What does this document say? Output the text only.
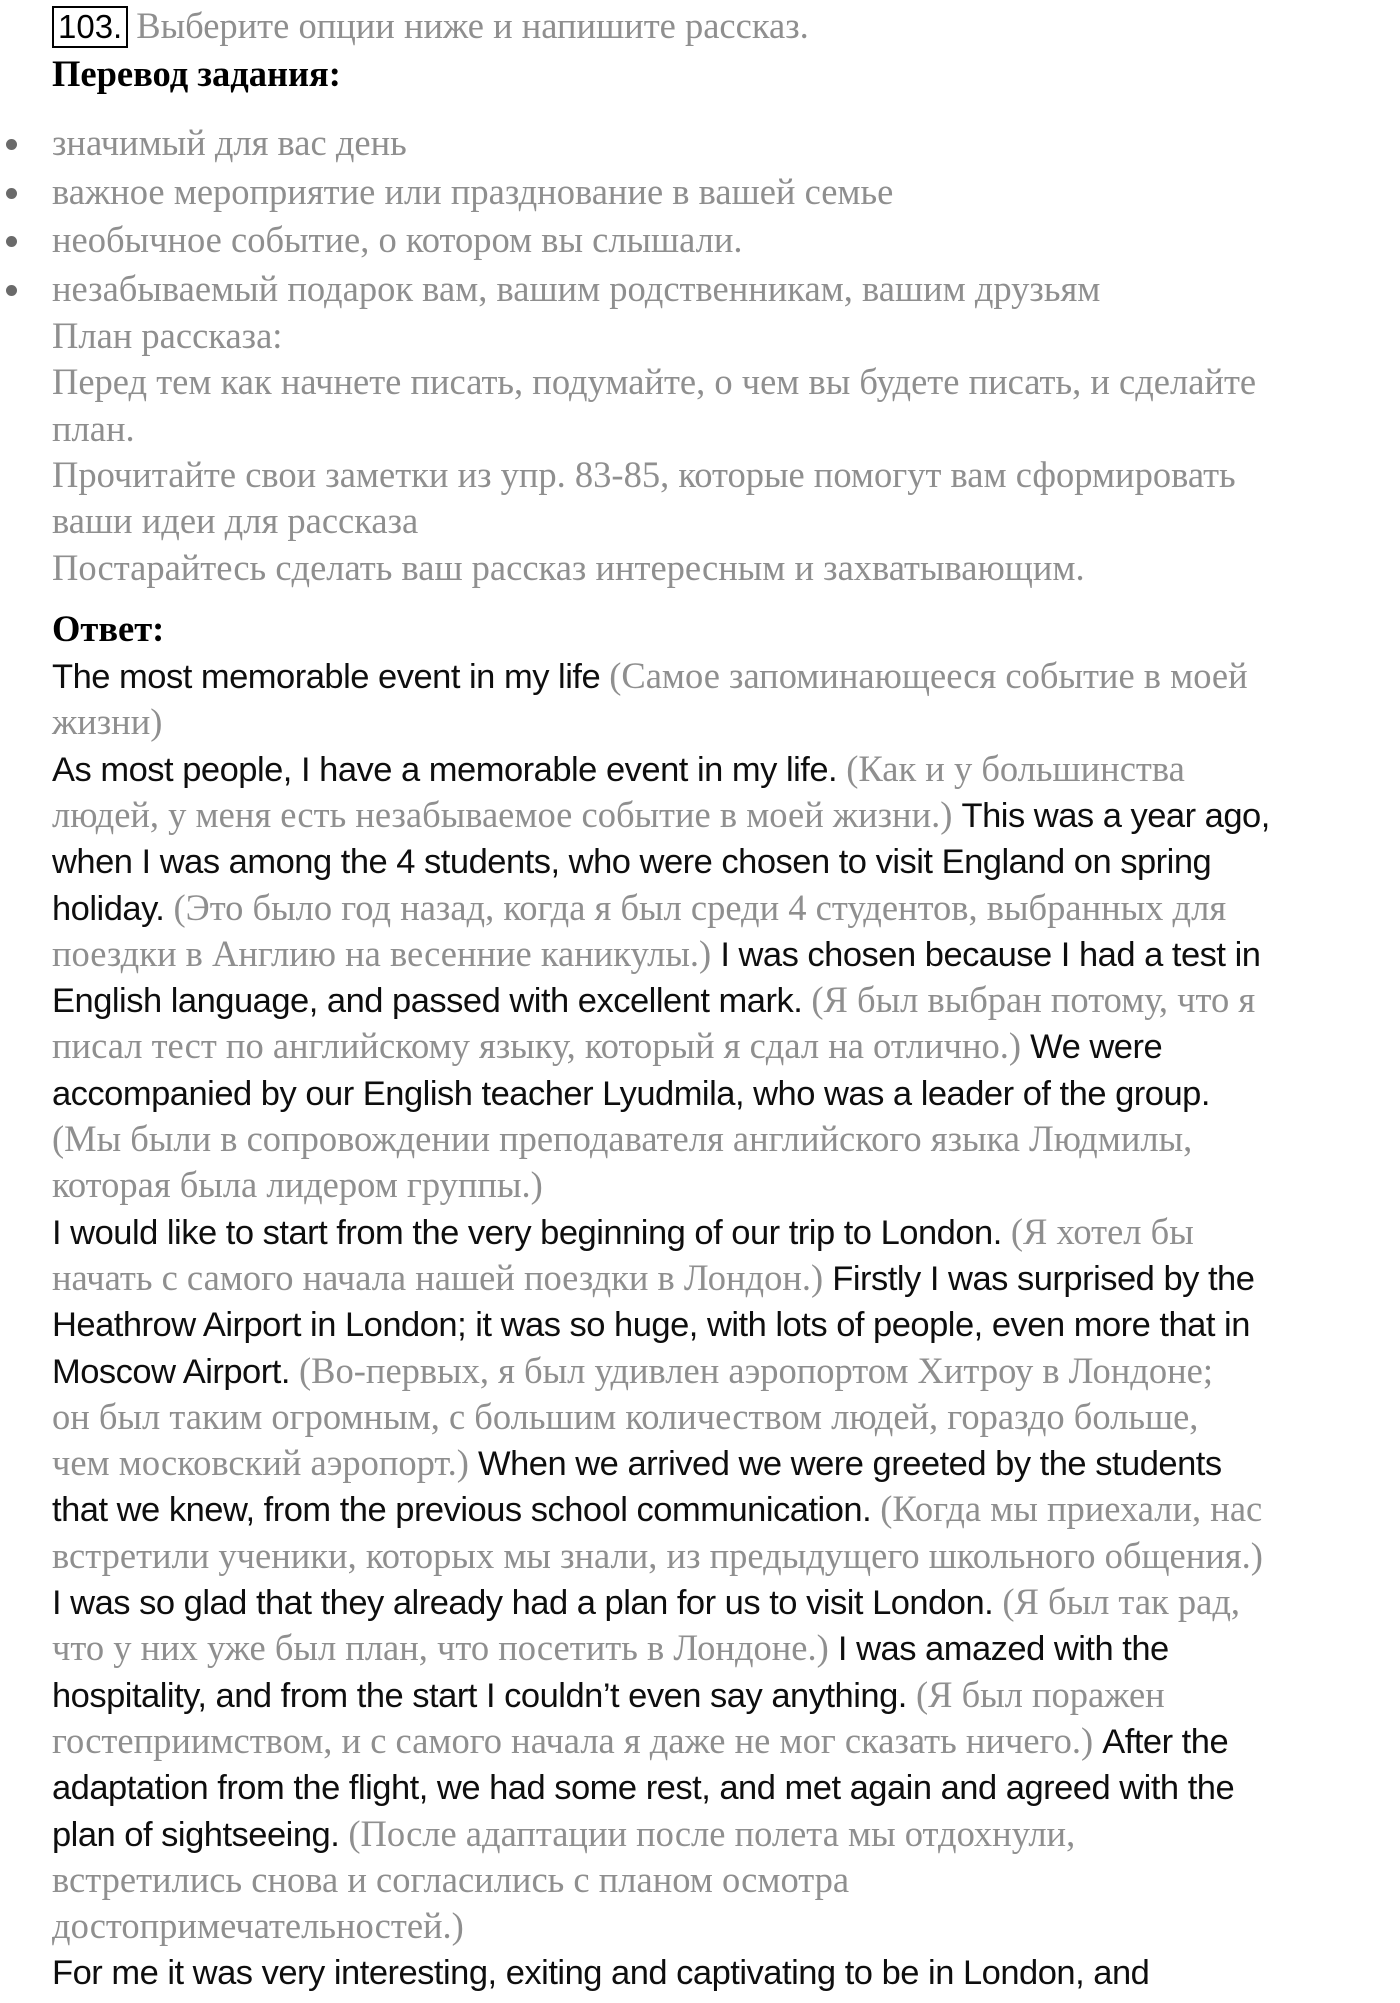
103. Выберите опции ниже и напишите рассказ.
Перевод задания:
значимый для вас день
важное мероприятие или празднование в вашей семье
необычное событие, о котором вы слышали.
незабываемый подарок вам, вашим родственникам, вашим друзьям
План рассказа:
Перед тем как начнете писать, подумайте, о чем вы будете писать, и сделайте
план.
Прочитайте свои заметки из упр. 83-85, которые помогут вам сформировать
ваши идеи для рассказа
Постарайтесь сделать ваш рассказ интересным и захватывающим.
Ответ:
The most memorable event in my life (Самое запоминающееся событие в моей
жизни)
As most people, I have a memorable event in my life. (Как и у большинства
людей, у меня есть незабываемое событие в моей жизни.) This was a year ago,
when I was among the 4 students, who were chosen to visit England on spring
holiday. (Это было год назад, когда я был среди 4 студентов, выбранных для
поездки в Англию на весенние каникулы.) I was chosen because I had a test in
English language, and passed with excellent mark. (Я был выбран потому, что я
писал тест по английскому языку, который я сдал на отлично.) We were
accompanied by our English teacher Lyudmila, who was a leader of the group.
(Мы были в сопровождении преподавателя английского языка Людмилы,
которая была лидером группы.)
I would like to start from the very beginning of our trip to London. (Я хотел бы
начать с самого начала нашей поездки в Лондон.) Firstly I was surprised by the
Heathrow Airport in London; it was so huge, with lots of people, even more that in
Moscow Airport. (Во-первых, я был удивлен аэропортом Хитроу в Лондоне;
он был таким огромным, с большим количеством людей, гораздо больше,
чем московский аэропорт.) When we arrived we were greeted by the students
that we knew, from the previous school communication. (Когда мы приехали, нас
встретили ученики, которых мы знали, из предыдущего школьного общения.)
I was so glad that they already had a plan for us to visit London. (Я был так рад,
что у них уже был план, что посетить в Лондоне.) I was amazed with the
hospitality, and from the start I couldn’t even say anything. (Я был поражен
гостеприимством, и с самого начала я даже не мог сказать ничего.) After the
adaptation from the flight, we had some rest, and met again and agreed with the
plan of sightseeing. (После адаптации после полета мы отдохнули,
встретились снова и согласились с планом осмотра
достопримечательностей.)
For me it was very interesting, exiting and captivating to be in London, and
